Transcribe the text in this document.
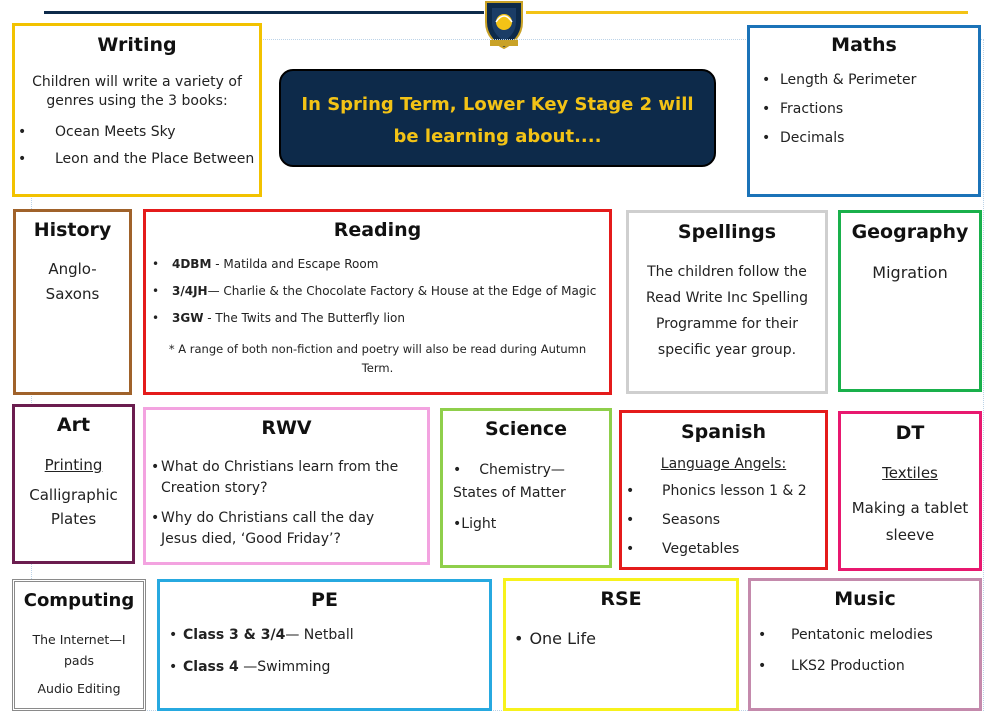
Writing
Children will write a variety of
genres using the 3 books:
• Ocean Meets Sky
• Leon and the Place Between
In Spring Term, Lower Key Stage 2 will
be learning about....
Maths
• Length & Perimeter
• Fractions
• Decimals
History
Anglo-
Saxons
Reading
• 4DBM - Matilda and Escape Room
• 3/4JH— Charlie & the Chocolate Factory & House at the Edge of Magic
• 3GW - The Twits and The Butterfly lion
* A range of both non-fiction and poetry will also be read during Autumn
Term.
Spellings
The children follow the
Read Write Inc Spelling
Programme for their
specific year group.
Geography
Migration
Art
Printing
Calligraphic
Plates
RWV
• What do Christians learn from the
Creation story?
• Why do Christians call the day
Jesus died, ‘Good Friday’?
Science
• Chemistry—
States of Matter
•Light
Spanish
Language Angels:
• Phonics lesson 1 & 2
• Seasons
• Vegetables
DT
Textiles
Making a tablet
sleeve
Computing
The Internet—I
pads
Audio Editing
PE
• Class 3 & 3/4— Netball
• Class 4 —Swimming
RSE
• One Life
Music
• Pentatonic melodies
• LKS2 Production
